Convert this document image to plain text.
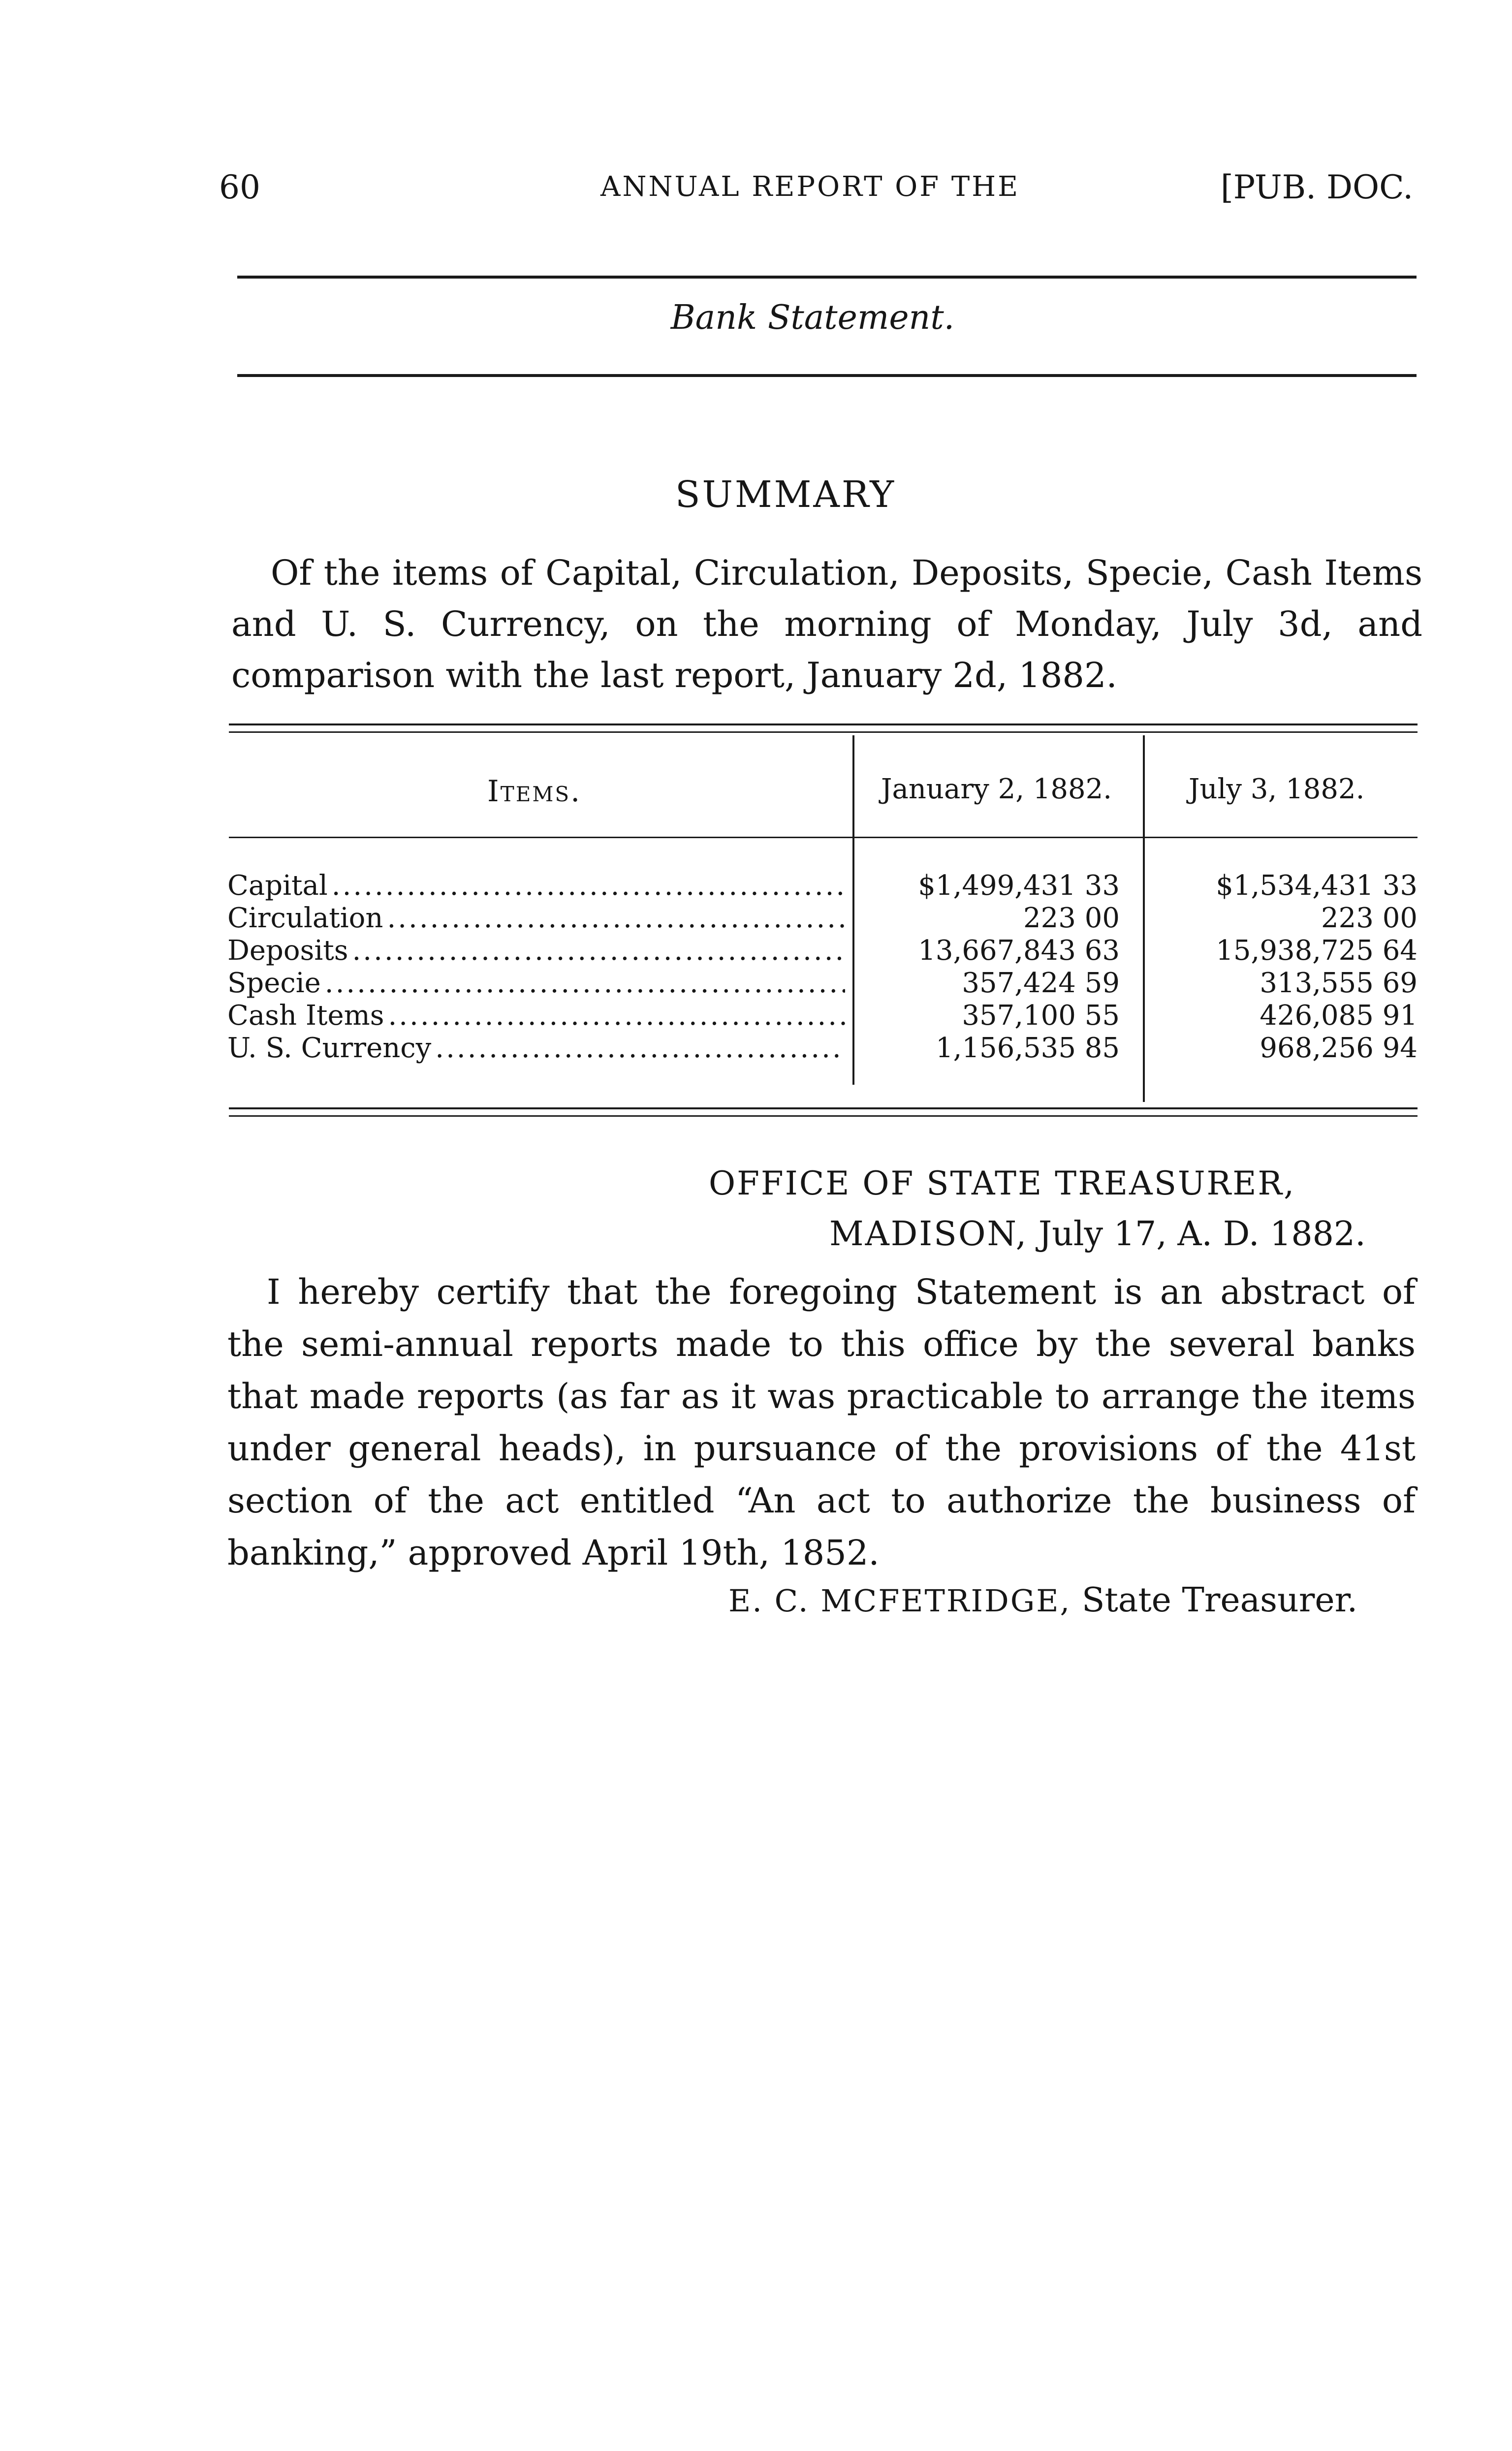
60	ANNUAL REPORT OF THE	[PUB. DOC.
Bank Statement.
SUMMARY

Of the items of Capital, Circulation, Deposits, Specie, Cash Items and U. S. Currency, on the morning of Monday, July 3d, and comparison with the last report, January 2d, 1882.

Items.	January 2, 1882.	July 3, 1882.
Capital .....	$1,499,431 33	$1,534,431 33
Circulation .....	223 00	223 00
Deposits .....	13,667,843 63	15,938,725 64
Specie .....	357,424 59	313,555 69
Cash Items .....	357,100 55	426,085 91
U. S. Currency .....	1,156,535 85	968,256 94
OFFICE OF STATE TREASURER,
MADISON, July 17, A. D. 1882.

I hereby certify that the foregoing Statement is an abstract of the semi-annual reports made to this office by the several banks that made reports (as far as it was practicable to arrange the items under general heads), in pursuance of the provisions of the 41st section of the act entitled “An act to authorize the business of banking,” approved April 19th, 1852.

E. C. MCFETRIDGE, State Treasurer.
